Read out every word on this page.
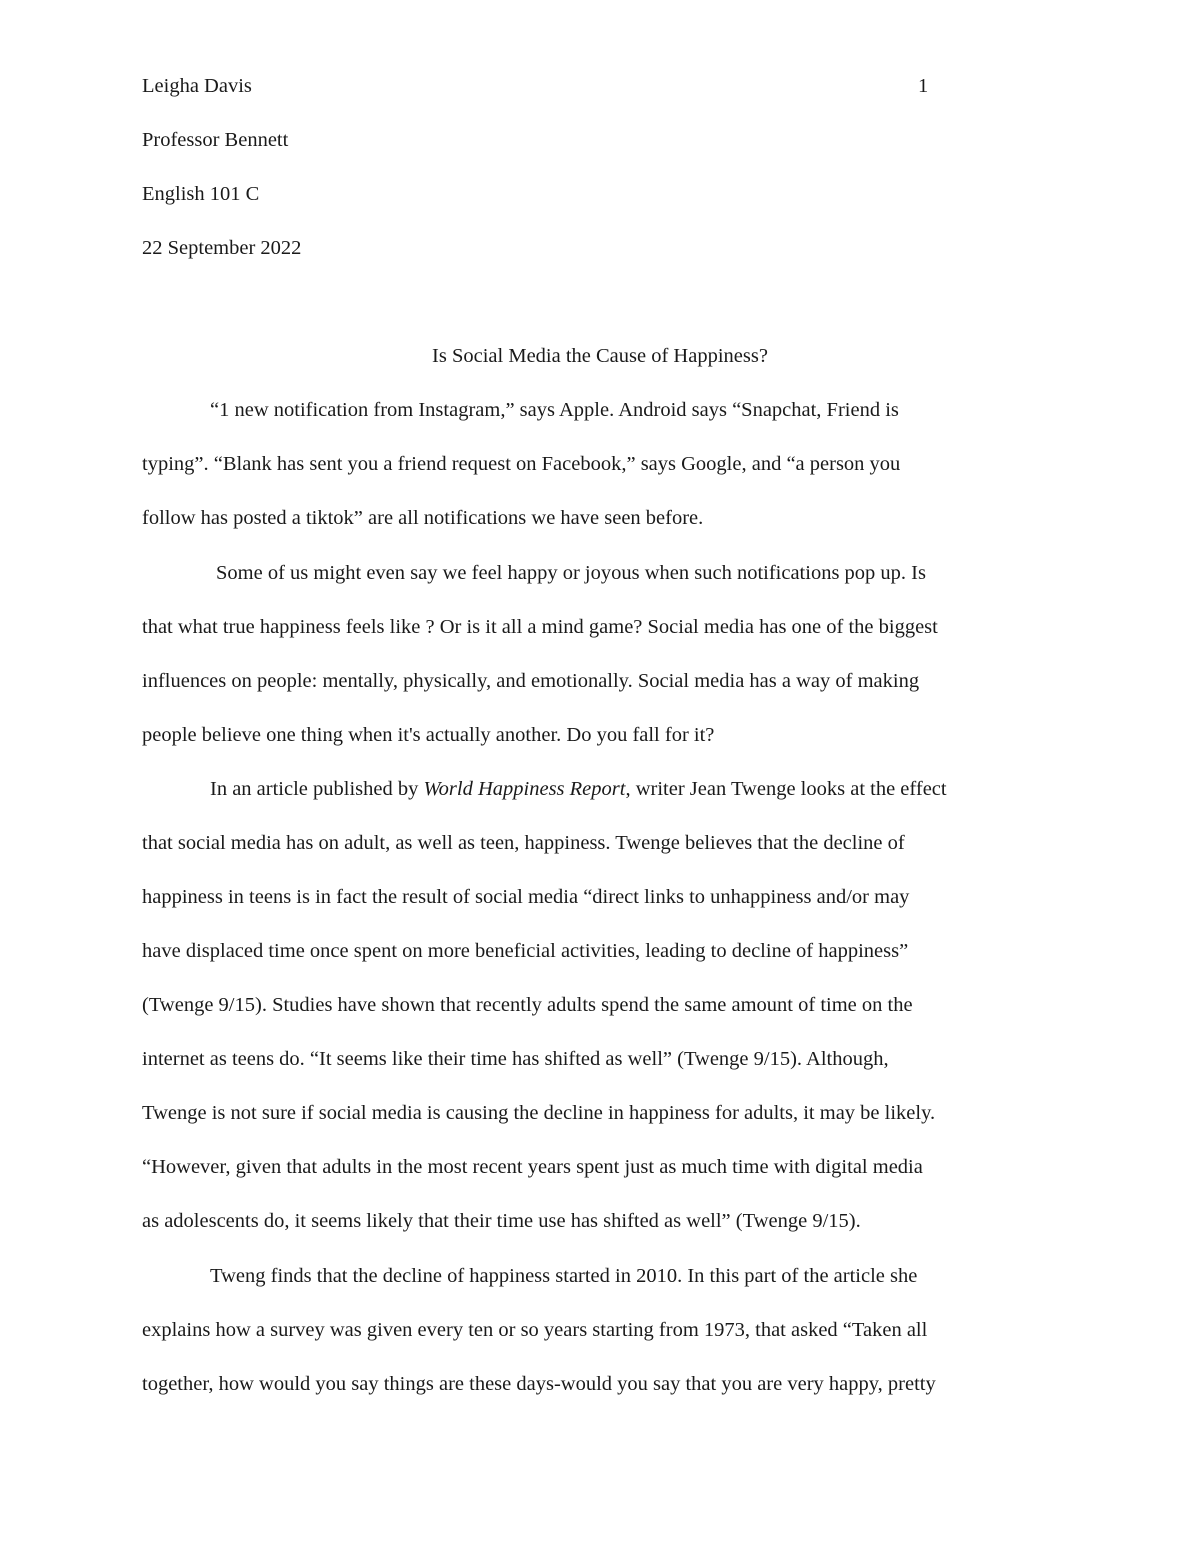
Leigha Davis	1
Professor Bennett
English 101 C
22 September 2022
Is Social Media the Cause of Happiness?
“1 new notification from Instagram,” says Apple. Android says “Snapchat, Friend is
typing”. “Blank has sent you a friend request on Facebook,” says Google, and “a person you
follow has posted a tiktok” are all notifications we have seen before.
Some of us might even say we feel happy or joyous when such notifications pop up. Is
that what true happiness feels like ? Or is it all a mind game? Social media has one of the biggest
influences on people: mentally, physically, and emotionally. Social media has a way of making
people believe one thing when it's actually another. Do you fall for it?
In an article published by World Happiness Report, writer Jean Twenge looks at the effect
that social media has on adult, as well as teen, happiness. Twenge believes that the decline of
happiness in teens is in fact the result of social media “direct links to unhappiness and/or may
have displaced time once spent on more beneficial activities, leading to decline of happiness”
(Twenge 9/15). Studies have shown that recently adults spend the same amount of time on the
internet as teens do. “It seems like their time has shifted as well” (Twenge 9/15). Although,
Twenge is not sure if social media is causing the decline in happiness for adults, it may be likely.
“However, given that adults in the most recent years spent just as much time with digital media
as adolescents do, it seems likely that their time use has shifted as well” (Twenge 9/15).
Tweng finds that the decline of happiness started in 2010. In this part of the article she
explains how a survey was given every ten or so years starting from 1973, that asked “Taken all
together, how would you say things are these days-would you say that you are very happy, pretty
